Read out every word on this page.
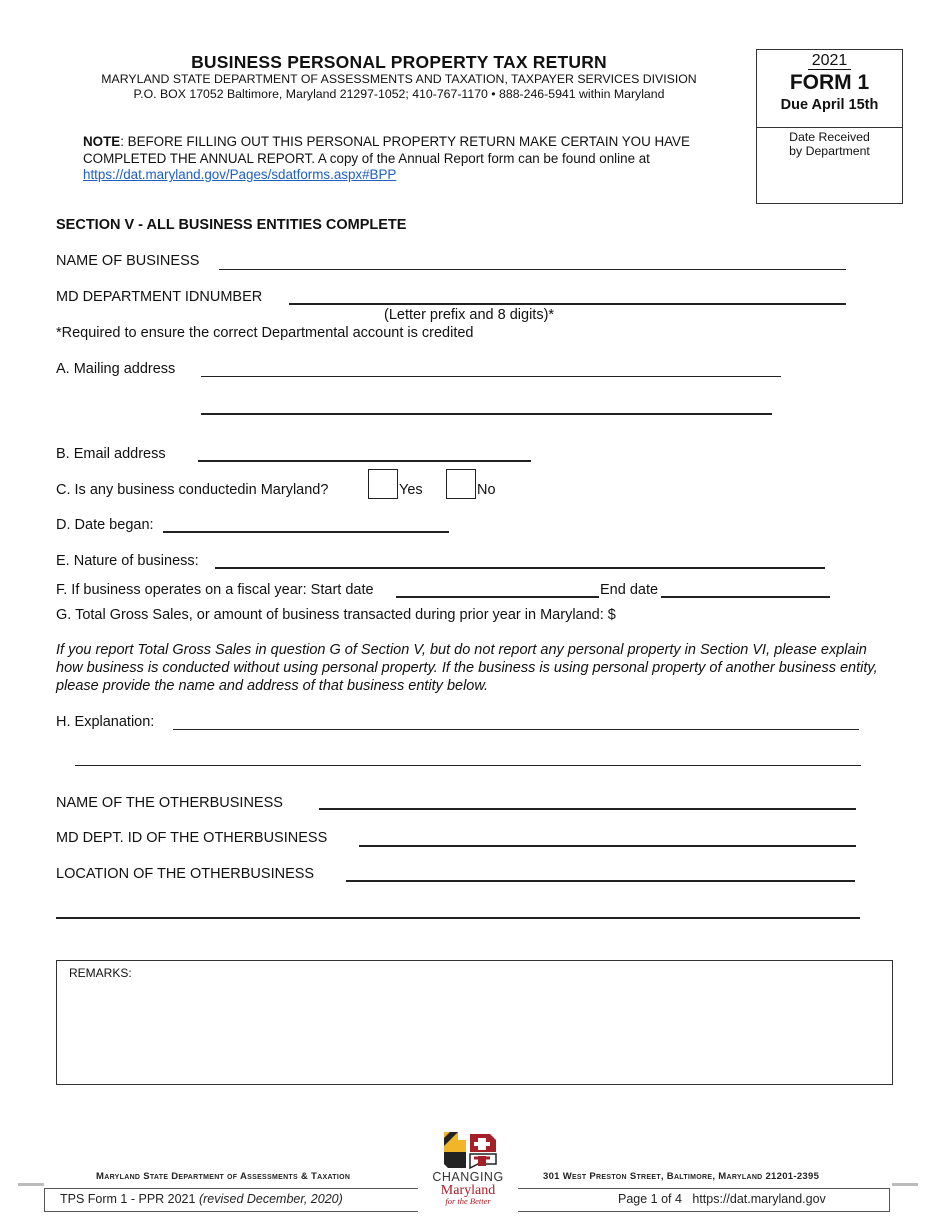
BUSINESS PERSONAL PROPERTY TAX RETURN
MARYLAND STATE DEPARTMENT OF ASSESSMENTS AND TAXATION, TAXPAYER SERVICES DIVISION
P.O. BOX 17052 Baltimore, Maryland 21297-1052; 410-767-1170 • 888-246-5941 within Maryland
2021
FORM 1
Due April 15th
Date Received
by Department
NOTE: BEFORE FILLING OUT THIS PERSONAL PROPERTY RETURN MAKE CERTAIN YOU HAVE COMPLETED THE ANNUAL REPORT. A copy of the Annual Report form can be found online at
https://dat.maryland.gov/Pages/sdatforms.aspx#BPP
SECTION V - ALL BUSINESS ENTITIES COMPLETE
NAME OF BUSINESS
MD DEPARTMENT IDNUMBER
(Letter prefix and 8 digits)*
*Required to ensure the correct Departmental account is credited
A. Mailing address
B. Email address
C. Is any business conductedin Maryland?	Yes	No
D. Date began:
E. Nature of business:
F. If business operates on a fiscal year: Start date	End date
G. Total Gross Sales, or amount of business transacted during prior year in Maryland: $
If you report Total Gross Sales in question G of Section V, but do not report any personal property in Section VI, please explain how business is conducted without using personal property. If the business is using personal property of another business entity, please provide the name and address of that business entity below.
H. Explanation:
NAME OF THE OTHERBUSINESS
MD DEPT. ID OF THE OTHERBUSINESS
LOCATION OF THE OTHERBUSINESS
REMARKS:
Maryland State Department of Assessments & Taxation	301 West Preston Street, Baltimore, Maryland 21201-2395
TPS Form 1 - PPR 2021 (revised December, 2020)	Page 1 of 4 https://dat.maryland.gov
CHANGING
Maryland
for the Better
